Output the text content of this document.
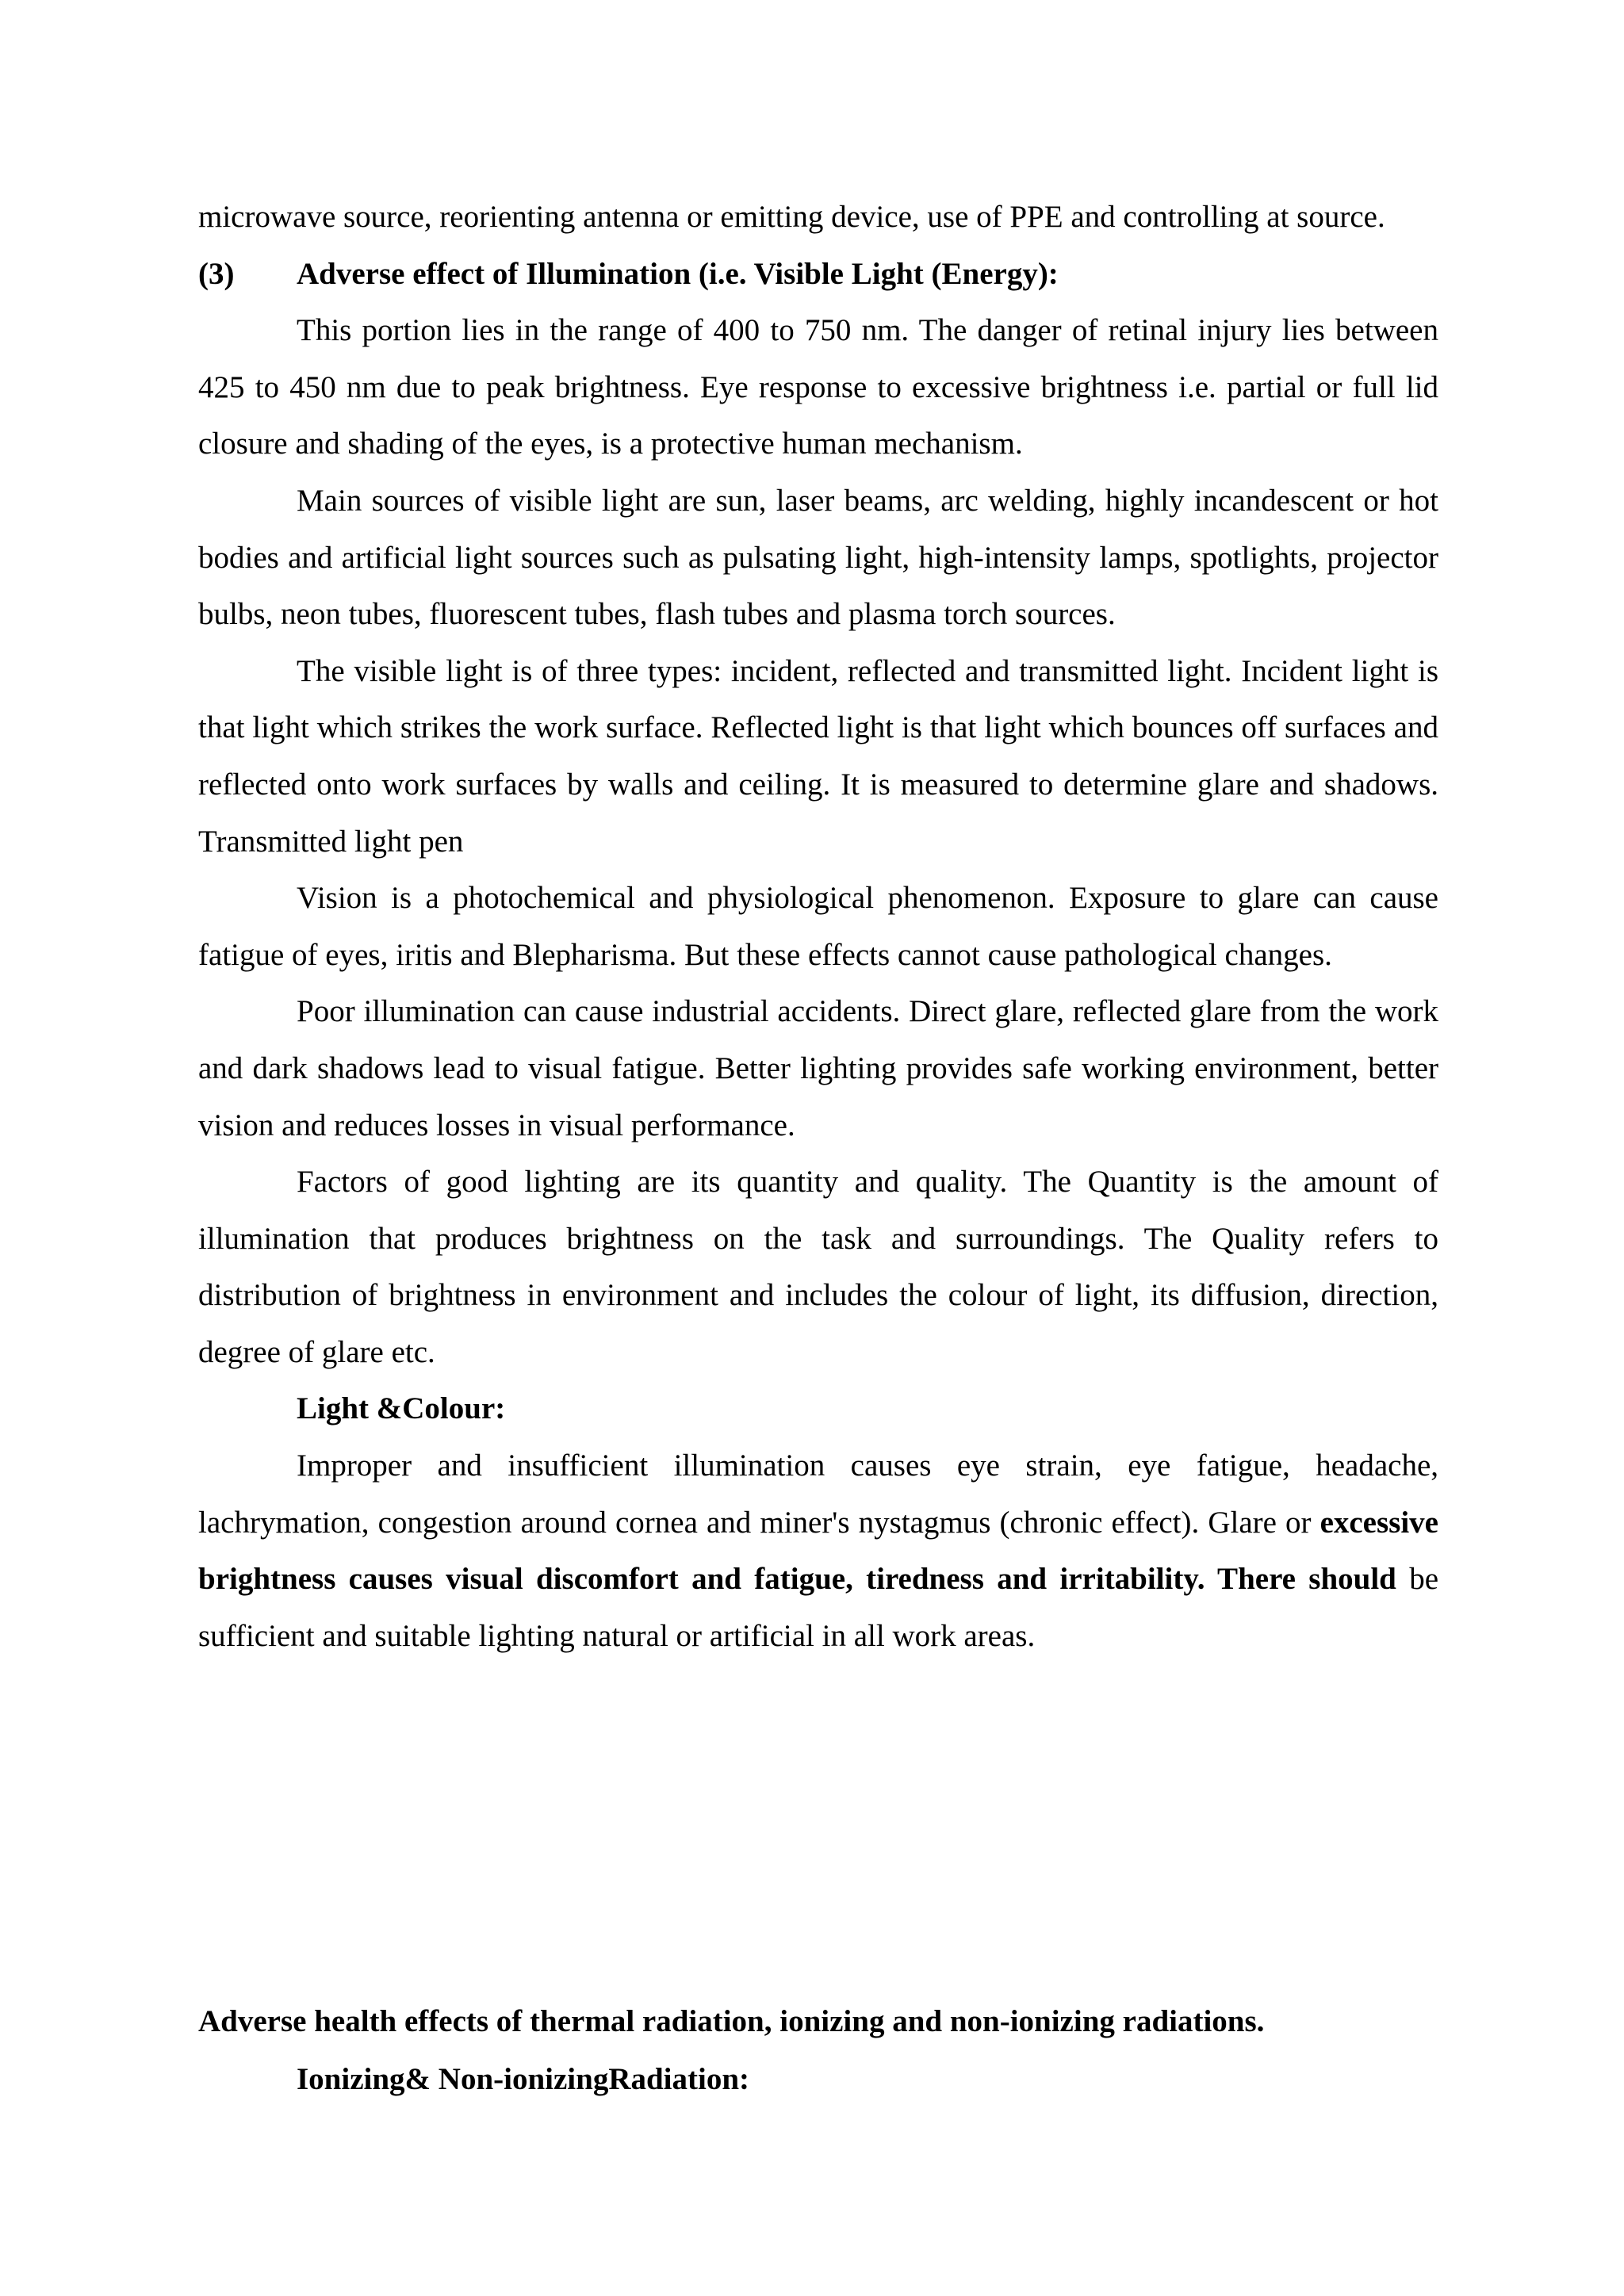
microwave source, reorienting antenna or emitting device, use of PPE and controlling at source.

(3)	Adverse effect of Illumination (i.e. Visible Light (Energy):

This portion lies in the range of 400 to 750 nm. The danger of retinal injury lies between 425 to 450 nm due to peak brightness. Eye response to excessive brightness i.e. partial or full lid closure and shading of the eyes, is a protective human mechanism.

Main sources of visible light are sun, laser beams, arc welding, highly incandescent or hot bodies and artificial light sources such as pulsating light, high-intensity lamps, spotlights, projector bulbs, neon tubes, fluorescent tubes, flash tubes and plasma torch sources.

The visible light is of three types: incident, reflected and transmitted light. Incident light is that light which strikes the work surface. Reflected light is that light which bounces off surfaces and reflected onto work surfaces by walls and ceiling. It is measured to determine glare and shadows. Transmitted light pen

Vision is a photochemical and physiological phenomenon. Exposure to glare can cause fatigue of eyes, iritis and Blepharisma. But these effects cannot cause pathological changes.

Poor illumination can cause industrial accidents. Direct glare, reflected glare from the work and dark shadows lead to visual fatigue. Better lighting provides safe working environment, better vision and reduces losses in visual performance.

Factors of good lighting are its quantity and quality. The Quantity is the amount of illumination that produces brightness on the task and surroundings. The Quality refers to distribution of brightness in environment and includes the colour of light, its diffusion, direction, degree of glare etc.

Light &Colour:

Improper and insufficient illumination causes eye strain, eye fatigue, headache, lachrymation, congestion around cornea and miner's nystagmus (chronic effect). Glare or excessive brightness causes visual discomfort and fatigue, tiredness and irritability. There should be sufficient and suitable lighting natural or artificial in all work areas.

Adverse health effects of thermal radiation, ionizing and non-ionizing radiations.
Ionizing& Non-ionizingRadiation:
